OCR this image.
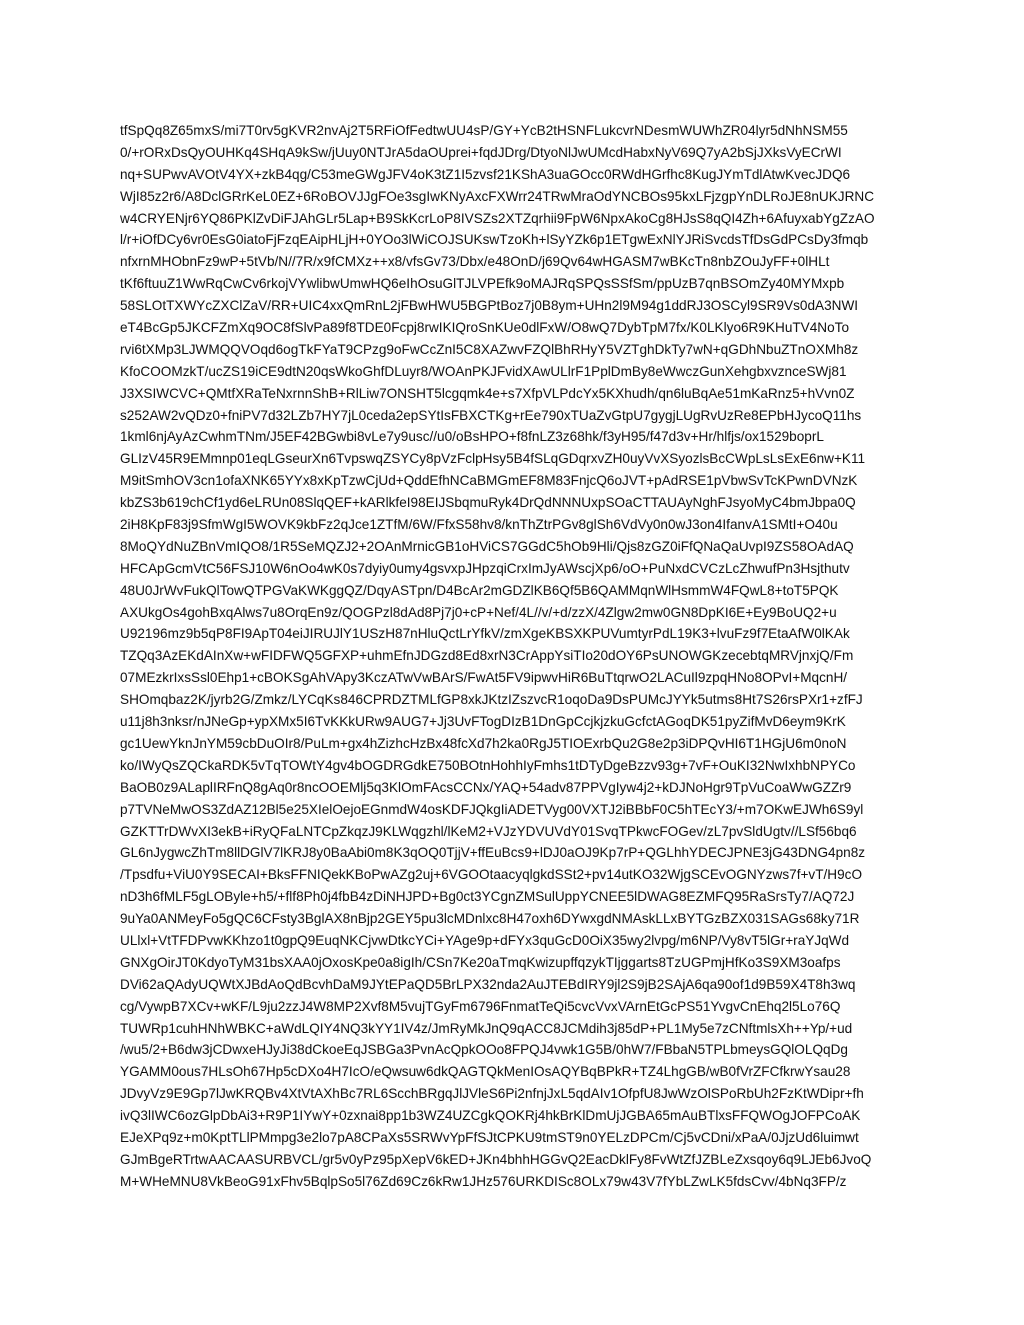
tfSpQq8Z65mxS/mi7T0rv5gKVR2nvAj2T5RFiOfFedtwUU4sP/GY+YcB2tHSNFLukcvrNDesmWUWhZR04lyr5dNhNSM55
0/+rORxDsQyOUHKq4SHqA9kSw/jUuy0NTJrA5daOUprei+fqdJDrg/DtyoNlJwUMcdHabxNyV69Q7yA2bSjJXksVyECrWI
nq+SUPwvAVOtV4YX+zkB4qg/C53meGWgJFV4oK3tZ1I5zvsf21KShA3uaGOcc0RWdHGrfhc8KugJYmTdlAtwKvecJDQ6
WjI85z2r6/A8DclGRrKeL0EZ+6RoBOVJJgFOe3sgIwKNyAxcFXWrr24TRwMraOdYNCBOs95kxLFjzgpYnDLRoJE8nUKJRNC
w4CRYENjr6YQ86PKlZvDiFJAhGLr5Lap+B9SkKcrLoP8IVSZs2XTZqrhii9FpW6NpxAkoCg8HJsS8qQI4Zh+6AfuyxabYgZzAO
l/r+iOfDCy6vr0EsG0iatoFjFzqEAipHLjH+0YOo3lWiCOJSUKswTzoKh+lSyYZk6p1ETgwExNlYJRiSvcdsTfDsGdPCsDy3fmqb
nfxrnMHObnFz9wP+5tVb/N//7R/x9fCMXz++x8/vfsGv73/Dbx/e48OnD/j69Qv64wHGASM7wBKcTn8nbZOuJyFF+0lHLt
tKf6ftuuZ1WwRqCwCv6rkojVYwlibwUmwHQ6eIhOsuGlTJLVPEfk9oMAJRqSPQsSSfSm/ppUzB7qnBSOmZy40MYMxpb
58SLOtTXWYcZXClZaV/RR+UIC4xxQmRnL2jFBwHWU5BGPtBoz7j0B8ym+UHn2l9M94g1ddRJ3OSCyl9SR9Vs0dA3NWI
eT4BcGp5JKCFZmXq9OC8fSlvPa89f8TDE0Fcpj8rwIKIQroSnKUe0dlFxW/O8wQ7DybTpM7fx/K0LKlyo6R9KHuTV4NoTo
rvi6tXMp3LJWMQQVOqd6ogTkFYaT9CPzg9oFwCcZnI5C8XAZwvFZQlBhRHyY5VZTghDkTy7wN+qGDhNbuZTnOXMh8z
KfoCOOMzkT/ucZS19iCE9dtN20qsWkoGhfDLuyr8/WOAnPKJFvidXAwULlrF1PplDmBy8eWwczGunXehgbxvznceSWj81
J3XSIWCVC+QMtfXRaTeNxrnnShB+RlLiw7ONSHT5lcgqmk4e+s7XfpVLPdcYx5KXhudh/qn6luBqAe51mKaRnz5+hVvn0Z
s252AW2vQDz0+fniPV7d32LZb7HY7jL0ceda2epSYtIsFBXCTKg+rEe790xTUaZvGtpU7gygjLUgRvUzRe8EPbHJycoQ11hs
1kml6njAyAzCwhmTNm/J5EF42BGwbi8vLe7y9usc//u0/oBsHPO+f8fnLZ3z68hk/f3yH95/f47d3v+Hr/hlfjs/ox1529boprL
GLIzV45R9EMmnp01eqLGseurXn6TvpswqZSYCy8pVzFclpHsy5B4fSLqGDqrxvZH0uyVvXSyozlsBcCWpLsLsExE6nw+K11
M9itSmhOV3cn1ofaXNK65YYx8xKpTzwCjUd+QddEfhNCaBMGmEF8M83FnjcQ6oJVT+pAdRSE1pVbwSvTcKPwnDVNzK
kbZS3b619chCf1yd6eLRUn08SlqQEF+kARlkfeI98EIJSbqmuRyk4DrQdNNNUxpSOaCTTAUAyNghFJsyoMyC4bmJbpa0Q
2iH8KpF83j9SfmWgI5WOVK9kbFz2qJce1ZTfM/6W/FfxS58hv8/knThZtrPGv8glSh6VdVy0n0wJ3on4IfanvA1SMtI+O40u
8MoQYdNuZBnVmIQO8/1R5SeMQZJ2+2OAnMrnicGB1oHViCS7GGdC5hOb9Hli/Qjs8zGZ0iFfQNaQaUvpI9ZS58OAdAQ
HFCApGcmVtC56FSJ10W6nOo4wK0s7dyiy0umy4gsvxpJHpzqiCrxImJyAWscjXp6/oO+PuNxdCVCzLcZhwufPn3Hsjthutv
48U0JrWvFukQlTowQTPGVaKWKggQZ/DqyASTpn/D4BcAr2mGDZlKB6Qf5B6QAMMqnWlHsmmW4FQwL8+toT5PQK
AXUkgOs4gohBxqAlws7u8OrqEn9z/QOGPzl8dAd8Pj7j0+cP+Nef/4L//v/+d/zzX/4Zlgw2mw0GN8DpKI6E+Ey9BoUQ2+u
U92196mz9b5qP8FI9ApT04eiJIRUJlY1USzH87nHluQctLrYfkV/zmXgeKBSXKPUVumtyrPdL19K3+lvuFz9f7EtaAfW0lKAk
TZQq3AzEKdAInXw+wFIDFWQ5GFXP+uhmEfnJDGzd8Ed8xrN3CrAppYsiTIo20dOY6PsUNOWGKzecebtqMRVjnxjQ/Fm
07MEzkrIxsSsl0Ehp1+cBOKSgAhVApy3KczATwVwBArS/FwAt5FV9ipwvHiR6BuTtqrwO2LACuIl9zpqHNo8OPvI+MqcnH/
SHOmqbaz2K/jyrb2G/Zmkz/LYCqKs846CPRDZTMLfGP8xkJKtzIZszvcR1oqoDa9DsPUMcJYYk5utms8Ht7S26rsPXr1+zfFJ
u11j8h3nksr/nJNeGp+ypXMx5I6TvKKkURw9AUG7+Jj3UvFTogDIzB1DnGpCcjkjzkuGcfctAGoqDK51pyZifMvD6eym9KrK
gc1UewYknJnYM59cbDuOIr8/PuLm+gx4hZizhcHzBx48fcXd7h2ka0RgJ5TIOExrbQu2G8e2p3iDPQvHI6T1HGjU6m0noN
ko/IWyQsZQCkaRDK5vTqTOWtY4gv4bOGDRGdkE750BOtnHohhIyFmhs1tDTyDgeBzzv93g+7vF+OuKI32NwIxhbNPYCo
BaOB0z9ALaplIRFnQ8gAq0r8ncOOEMlj5q3KlOmFAcsCCNx/YAQ+54adv87PPVgIyw4j2+kDJNoHgr9TpVuCoaWwGZZr9
p7TVNeMwOS3ZdAZ12Bl5e25XIelOejoEGnmdW4osKDFJQkgIiADETVyg00VXTJ2iBBbF0C5hTEcY3/+m7OKwEJWh6S9yl
GZKTTrDWvXI3ekB+iRyQFaLNTCpZkqzJ9KLWqgzhl/lKeM2+VJzYDVUVdY01SvqTPkwcFOGev/zL7pvSldUgtv//LSf56bq6
GL6nJygwcZhTm8llDGlV7lKRJ8y0BaAbi0m8K3qOQ0TjjV+ffEuBcs9+lDJ0aOJ9Kp7rP+QGLhhYDECJPNE3jG43DNG4pn8z
/Tpsdfu+ViU0Y9SECAI+BksFFNIQekKBoPwAZg2uj+6VGOOtaacyqlgkdSSt2+pv14utKO32WjgSCEvOGNYzws7f+vT/H9cO
nD3h6fMLF5gLOByle+h5/+flf8Ph0j4fbB4zDiNHJPD+Bg0ct3YCgnZMSulUppYCNEE5lDWAG8EZMFQ95RaSrsTy7/AQ72J
9uYa0ANMeyFo5gQC6CFsty3BglAX8nBjp2GEY5pu3lcMDnlxc8H47oxh6DYwxgdNMAskLLxBYTGzBZX031SAGs68ky71R
ULlxl+VtTFDPvwKKhzo1t0gpQ9EuqNKCjvwDtkcYCi+YAge9p+dFYx3quGcD0OiX35wy2lvpg/m6NP/Vy8vT5lGr+raYJqWd
GNXgOirJT0KdyoTyM31bsXAA0jOxosKpe0a8igIh/CSn7Ke20aTmqKwizupffqzykTIjggarts8TzUGPmjHfKo3S9XM3oafps
DVi62aQAdyUQWtXJBdAoQdBcvhDaM9JYtEPaQD5BrLPX32nda2AuJTEBdIRY9jl2S9jB2SAjA6qa90of1d9B59X4T8h3wq
cg/VywpB7XCv+wKF/L9ju2zzJ4W8MP2Xvf8M5vujTGyFm6796FnmatTeQi5cvcVvxVArnEtGcPS51YvgvCnEhq2l5Lo76Q
TUWRp1cuhHNhWBKC+aWdLQIY4NQ3kYY1IV4z/JmRyMkJnQ9qACC8JCMdih3j85dP+PL1My5e7zCNftmlsXh++Yp/+ud
/wu5/2+B6dw3jCDwxeHJyJi38dCkoeEqJSBGa3PvnAcQpkOOo8FPQJ4vwk1G5B/0hW7/FBbaN5TPLbmeysGQlOLQqDg
YGAMM0ous7HLsOh67Hp5cDXo4H7IcO/eQwsuw6dkQAGTQkMenIOsAQYBqBPkR+TZ4LhgGB/wB0fVrZFCfkrwYsau28
JDvyVz9E9Gp7lJwKRQBv4XtVtAXhBc7RL6ScchBRgqJlJVleS6Pi2nfnjJxL5qdAIv1OfpfU8JwWzOlSPoRbUh2FzKtWDipr+fh
ivQ3lIWC6ozGlpDbAi3+R9P1IYwY+0zxnai8pp1b3WZ4UZCgkQOKRj4hkBrKlDmUjJGBA65mAuBTlxsFFQWOgJOFPCoAK
EJeXPq9z+m0KptTLlPMmpg3e2lo7pA8CPaXs5SRWvYpFfSJtCPKU9tmST9n0YELzDPCm/Cj5vCDni/xPaA/0JjzUd6luimwt
GJmBgeRTrtwAACAASURBVCL/gr5v0yPz95pXepV6kED+JKn4bhhHGGvQ2EacDklFy8FvWtZfJZBLeZxsqoy6q9LJEb6JvoQ
M+WHeMNU8VkBeoG91xFhv5BqlpSo5l76Zd69Cz6kRw1JHz576URKDISc8OLx79w43V7fYbLZwLK5fdsCvv/4bNq3FP/z
